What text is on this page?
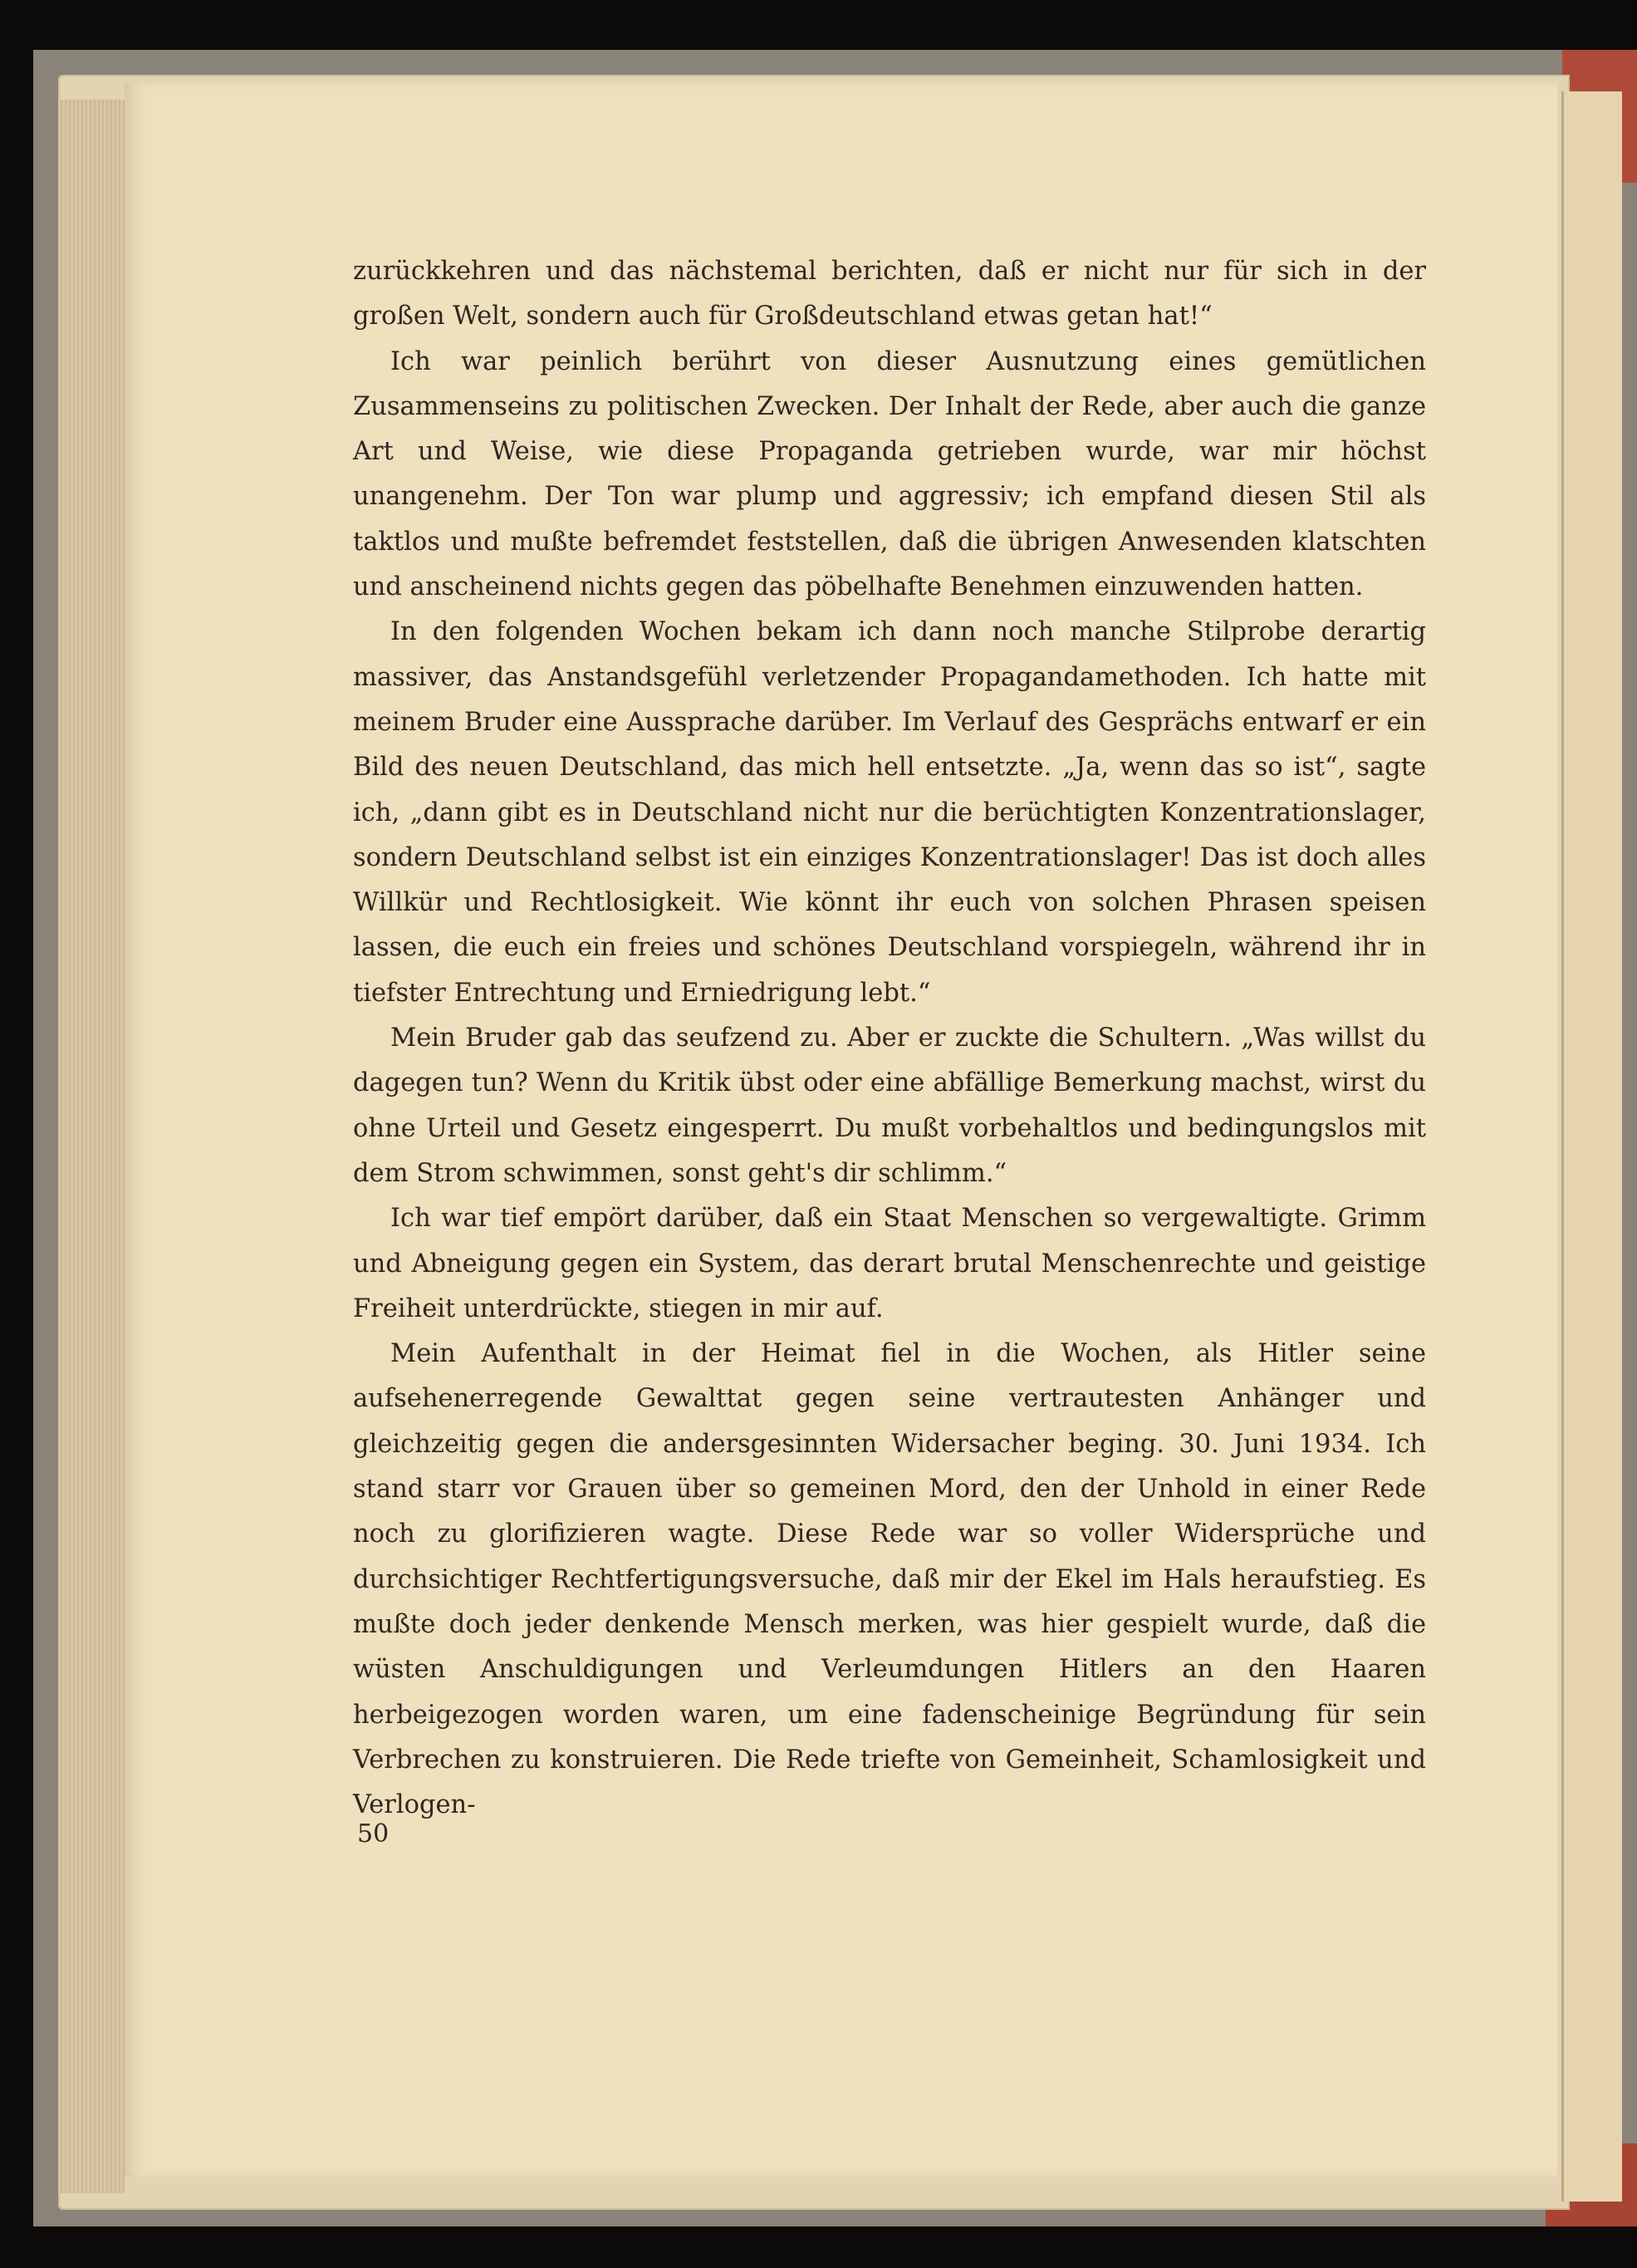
zurückkehren und das nächstemal berichten, daß er nicht nur für sich in der großen Welt, sondern auch für Großdeutschland etwas getan hat!“

Ich war peinlich berührt von dieser Ausnutzung eines gemütlichen Zusammenseins zu politischen Zwecken. Der Inhalt der Rede, aber auch die ganze Art und Weise, wie diese Propaganda getrieben wurde, war mir höchst unangenehm. Der Ton war plump und aggressiv; ich empfand diesen Stil als taktlos und mußte befremdet feststellen, daß die übrigen Anwesenden klatschten und anscheinend nichts gegen das pöbelhafte Benehmen einzuwenden hatten.

In den folgenden Wochen bekam ich dann noch manche Stilprobe derartig massiver, das Anstandsgefühl verletzender Propagandamethoden. Ich hatte mit meinem Bruder eine Aussprache darüber. Im Verlauf des Gesprächs entwarf er ein Bild des neuen Deutschland, das mich hell entsetzte. „Ja, wenn das so ist“, sagte ich, „dann gibt es in Deutschland nicht nur die berüchtigten Konzentrationslager, sondern Deutschland selbst ist ein einziges Konzentrationslager! Das ist doch alles Willkür und Rechtlosigkeit. Wie könnt ihr euch von solchen Phrasen speisen lassen, die euch ein freies und schönes Deutschland vorspiegeln, während ihr in tiefster Entrechtung und Erniedrigung lebt.“

Mein Bruder gab das seufzend zu. Aber er zuckte die Schultern. „Was willst du dagegen tun? Wenn du Kritik übst oder eine abfällige Bemerkung machst, wirst du ohne Urteil und Gesetz eingesperrt. Du mußt vorbehaltlos und bedingungslos mit dem Strom schwimmen, sonst geht's dir schlimm.“

Ich war tief empört darüber, daß ein Staat Menschen so vergewaltigte. Grimm und Abneigung gegen ein System, das derart brutal Menschenrechte und geistige Freiheit unterdrückte, stiegen in mir auf.

Mein Aufenthalt in der Heimat fiel in die Wochen, als Hitler seine aufsehenerregende Gewalttat gegen seine vertrautesten Anhänger und gleichzeitig gegen die andersgesinnten Widersacher beging. 30. Juni 1934. Ich stand starr vor Grauen über so gemeinen Mord, den der Unhold in einer Rede noch zu glorifizieren wagte. Diese Rede war so voller Widersprüche und durchsichtiger Rechtfertigungsversuche, daß mir der Ekel im Hals heraufstieg. Es mußte doch jeder denkende Mensch merken, was hier gespielt wurde, daß die wüsten Anschuldigungen und Verleumdungen Hitlers an den Haaren herbeigezogen worden waren, um eine fadenscheinige Begründung für sein Verbrechen zu konstruieren. Die Rede triefte von Gemeinheit, Schamlosigkeit und Verlogen-

50
